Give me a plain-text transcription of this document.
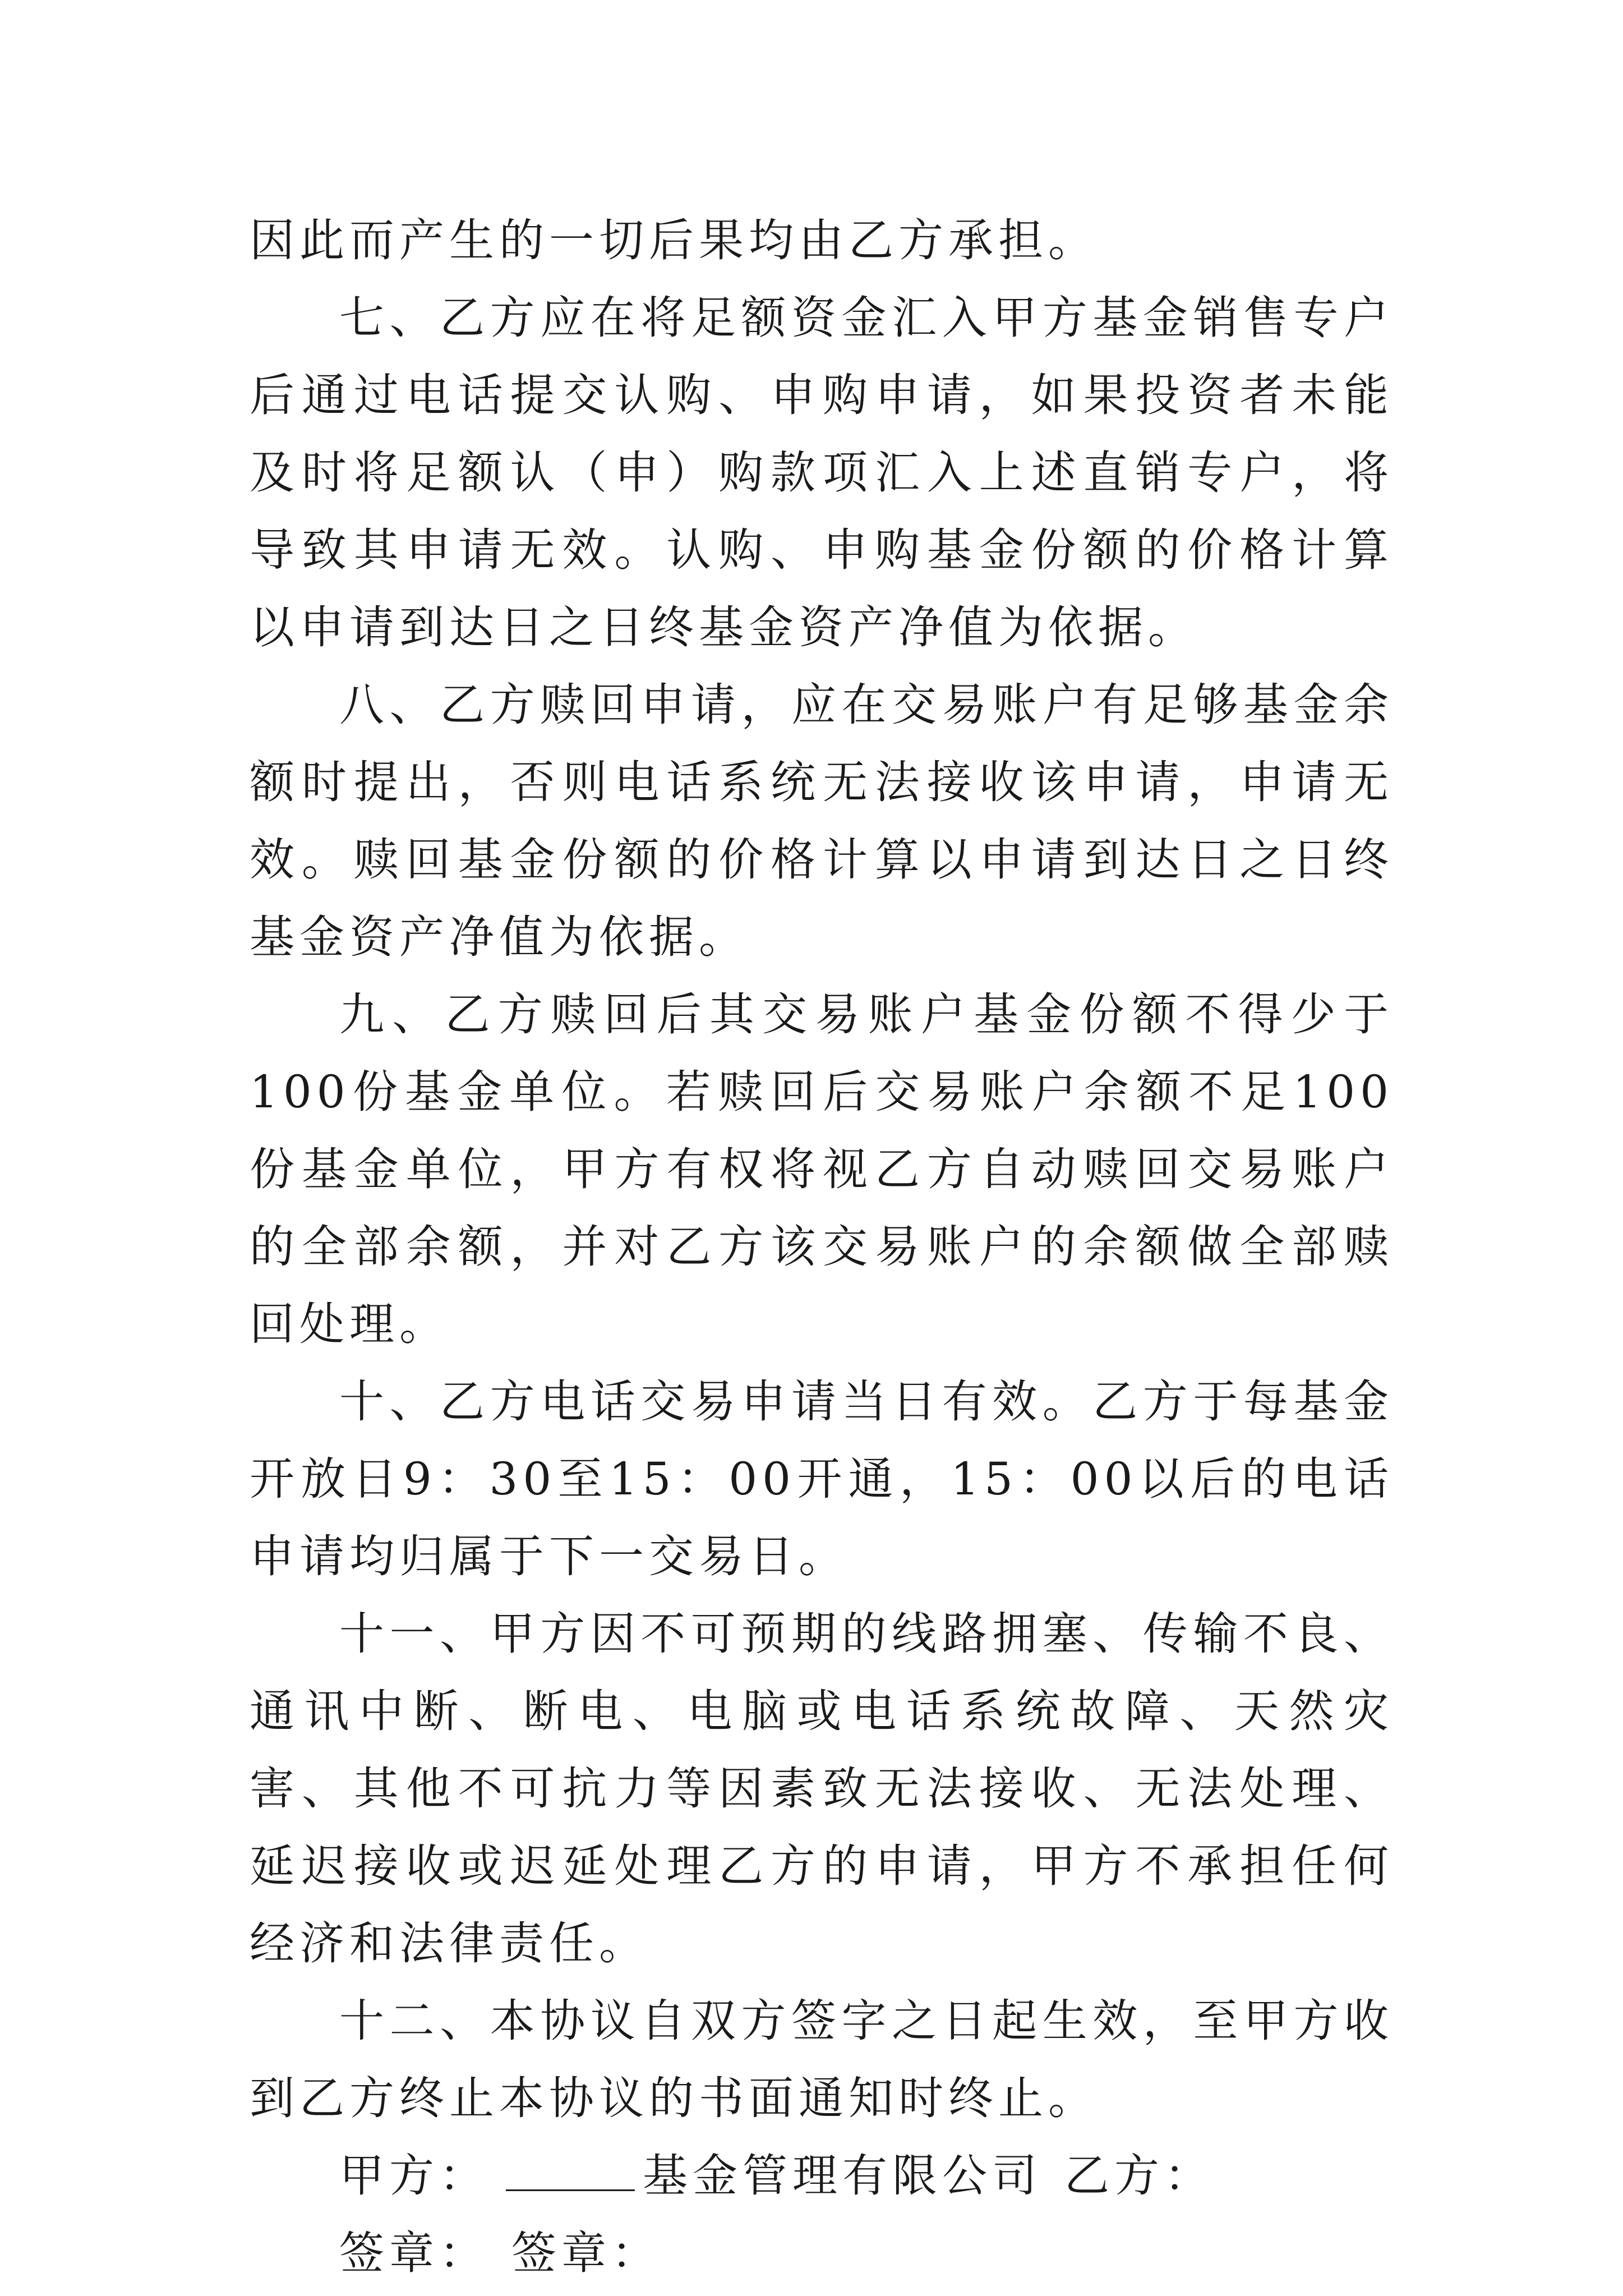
因此而产生的一切后果均由乙方承担。

七、乙方应在将足额资金汇入甲方基金销售专户后通过电话提交认购、申购申请，如果投资者未能及时将足额认（申）购款项汇入上述直销专户，将导致其申请无效。认购、申购基金份额的价格计算以申请到达日之日终基金资产净值为依据。

八、乙方赎回申请，应在交易账户有足够基金余额时提出，否则电话系统无法接收该申请，申请无效。赎回基金份额的价格计算以申请到达日之日终基金资产净值为依据。

九、乙方赎回后其交易账户基金份额不得少于100份基金单位。若赎回后交易账户余额不足100份基金单位，甲方有权将视乙方自动赎回交易账户的全部余额，并对乙方该交易账户的余额做全部赎回处理。

十、乙方电话交易申请当日有效。乙方于每基金开放日9：30至15：00开通，15：00以后的电话申请均归属于下一交易日。

十一、甲方因不可预期的线路拥塞、传输不良、通讯中断、断电、电脑或电话系统故障、天然灾害、其他不可抗力等因素致无法接收、无法处理、延迟接收或迟延处理乙方的申请，甲方不承担任何经济和法律责任。

十二、本协议自双方签字之日起生效，至甲方收到乙方终止本协议的书面通知时终止。

甲方：	基金管理有限公司 乙方：

签章： 签章：
